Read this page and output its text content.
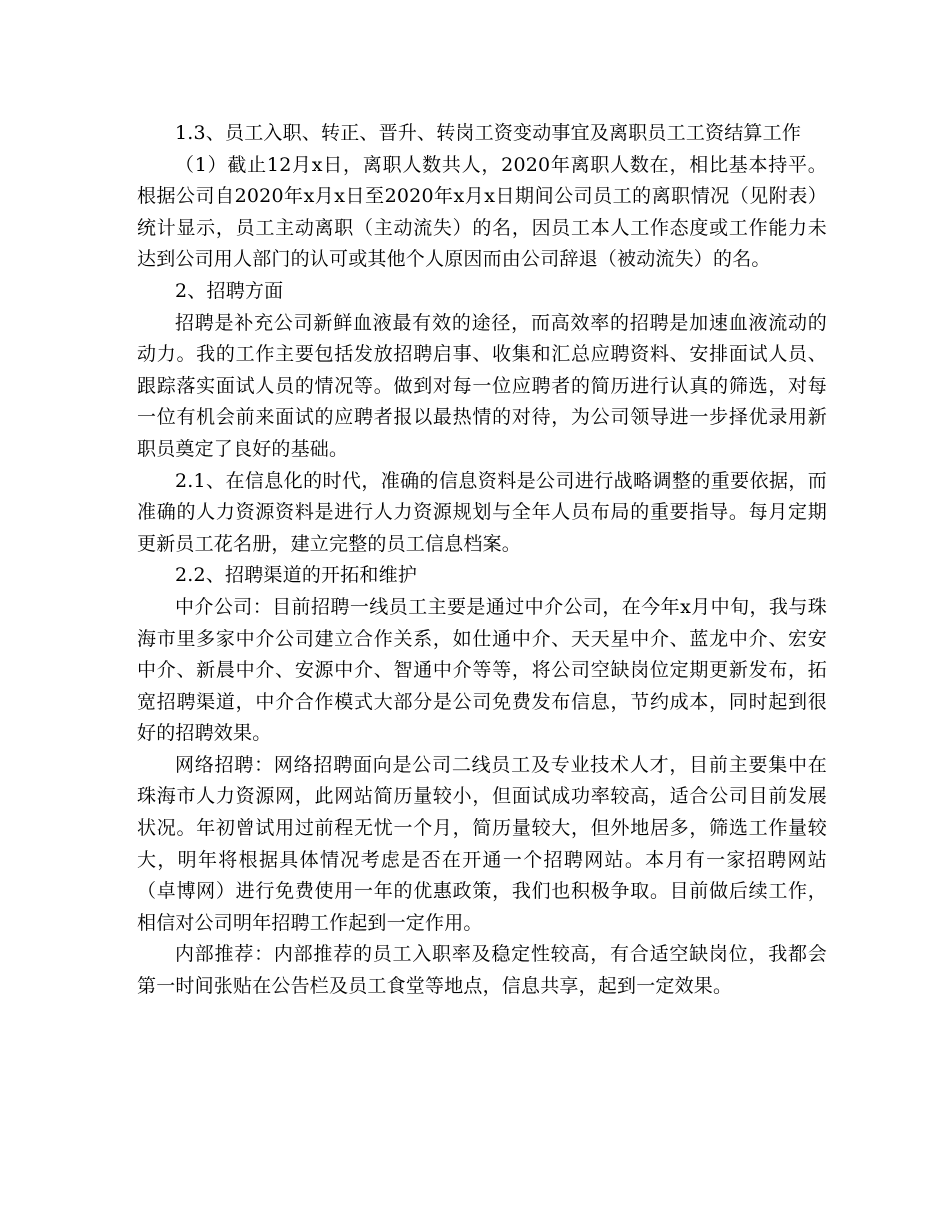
1.3、员工入职、转正、晋升、转岗工资变动事宜及离职员工工资结算工作

（1）截止12月x日，离职人数共人，2020年离职人数在，相比基本持平。根据公司自2020年x月x日至2020年x月x日期间公司员工的离职情况（见附表）统计显示，员工主动离职（主动流失）的名，因员工本人工作态度或工作能力未达到公司用人部门的认可或其他个人原因而由公司辞退（被动流失）的名。

2、招聘方面

招聘是补充公司新鲜血液最有效的途径，而高效率的招聘是加速血液流动的动力。我的工作主要包括发放招聘启事、收集和汇总应聘资料、安排面试人员、跟踪落实面试人员的情况等。做到对每一位应聘者的简历进行认真的筛选，对每一位有机会前来面试的应聘者报以最热情的对待，为公司领导进一步择优录用新职员奠定了良好的基础。

2.1、在信息化的时代，准确的信息资料是公司进行战略调整的重要依据，而准确的人力资源资料是进行人力资源规划与全年人员布局的重要指导。每月定期更新员工花名册，建立完整的员工信息档案。

2.2、招聘渠道的开拓和维护

中介公司：目前招聘一线员工主要是通过中介公司，在今年x月中旬，我与珠海市里多家中介公司建立合作关系，如仕通中介、天天星中介、蓝龙中介、宏安中介、新晨中介、安源中介、智通中介等等，将公司空缺岗位定期更新发布，拓宽招聘渠道，中介合作模式大部分是公司免费发布信息，节约成本，同时起到很好的招聘效果。

网络招聘：网络招聘面向是公司二线员工及专业技术人才，目前主要集中在珠海市人力资源网，此网站简历量较小，但面试成功率较高，适合公司目前发展状况。年初曾试用过前程无忧一个月，简历量较大，但外地居多，筛选工作量较大，明年将根据具体情况考虑是否在开通一个招聘网站。本月有一家招聘网站（卓博网）进行免费使用一年的优惠政策，我们也积极争取。目前做后续工作，相信对公司明年招聘工作起到一定作用。

内部推荐：内部推荐的员工入职率及稳定性较高，有合适空缺岗位，我都会第一时间张贴在公告栏及员工食堂等地点，信息共享，起到一定效果。
